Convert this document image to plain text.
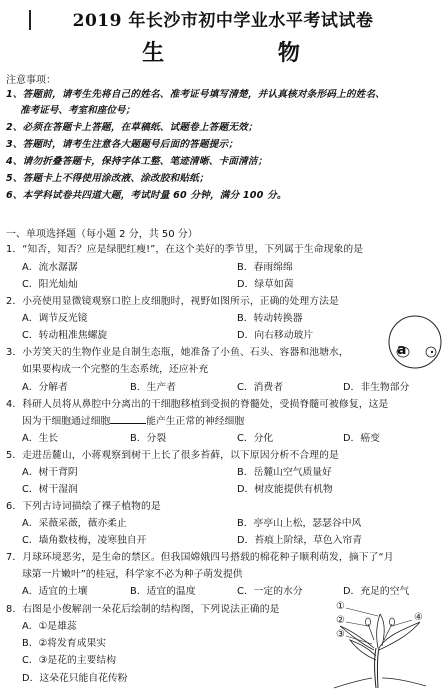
2019 年长沙市初中学业水平考试试卷
生 物
注意事项：
1、答题前，请考生先将自己的姓名、准考证号填写清楚，并认真核对条形码上的姓名、
准考证号、考室和座位号；
2、必须在答题卡上答题，在草稿纸、试题卷上答题无效；
3、答题时，请考生注意各大题题号后面的答题提示；
4、请勿折叠答题卡，保持字体工整、笔迹清晰、卡面清洁；
5、答题卡上不得使用涂改液、涂改胶和贴纸；
6、本学科试卷共四道大题，考试时量 60 分钟，满分 100 分。
一、单项选择题（每小题 2 分，共 50 分）
1．“知否，知否？应是绿肥红瘦!”，在这个美好的季节里，下列属于生命现象的是
A．流水潺潺	B．春雨绵绵
C．阳光灿灿	D．绿草如茵
2．小亮使用显微镜观察口腔上皮细胞时，视野如图所示，正确的处理方法是
A．调节反光镜	B．转动转换器
C．转动粗准焦螺旋	D．向右移动玻片
a
3．小芳笑天的生物作业是自制生态瓶，她准备了小鱼、石头、容器和池塘水，
如果要构成一个完整的生态系统，还应补充
A．分解者	B．生产者	C．消费者	D．非生物部分
4．科研人员将从鼻腔中分离出的干细胞移植到受损的脊髓处，受损脊髓可被修复，这是
因为干细胞通过细胞	能产生正常的神经细胞
A．生长	B．分裂	C．分化	D．癌变
5．走进岳麓山，小蒋观察到树干上长了很多苔藓，以下原因分析不合理的是
A．树干背阴	B．岳麓山空气质量好
C．树干湿润	D．树皮能提供有机物
6．下列古诗词描绘了裸子植物的是
A．采薇采薇，薇亦柔止	B．亭亭山上松，瑟瑟谷中风
C．墙角数枝梅，凌寒独自开	D．苔痕上阶绿，草色入帘青
7．月球环境恶劣，是生命的禁区。但我国嫦娥四号搭载的棉花种子顺利萌发，摘下了“月
球第一片嫩叶”的桂冠，科学家不必为种子萌发提供
A．适宜的土壤	B．适宜的温度	C．一定的水分	D．充足的空气
8．右图是小俊解剖一朵花后绘制的结构图，下列说法正确的是
A．①是雄蕊
B．②将发育成果实
C．③是花的主要结构
D．这朵花只能自花传粉
①
②
③
④
